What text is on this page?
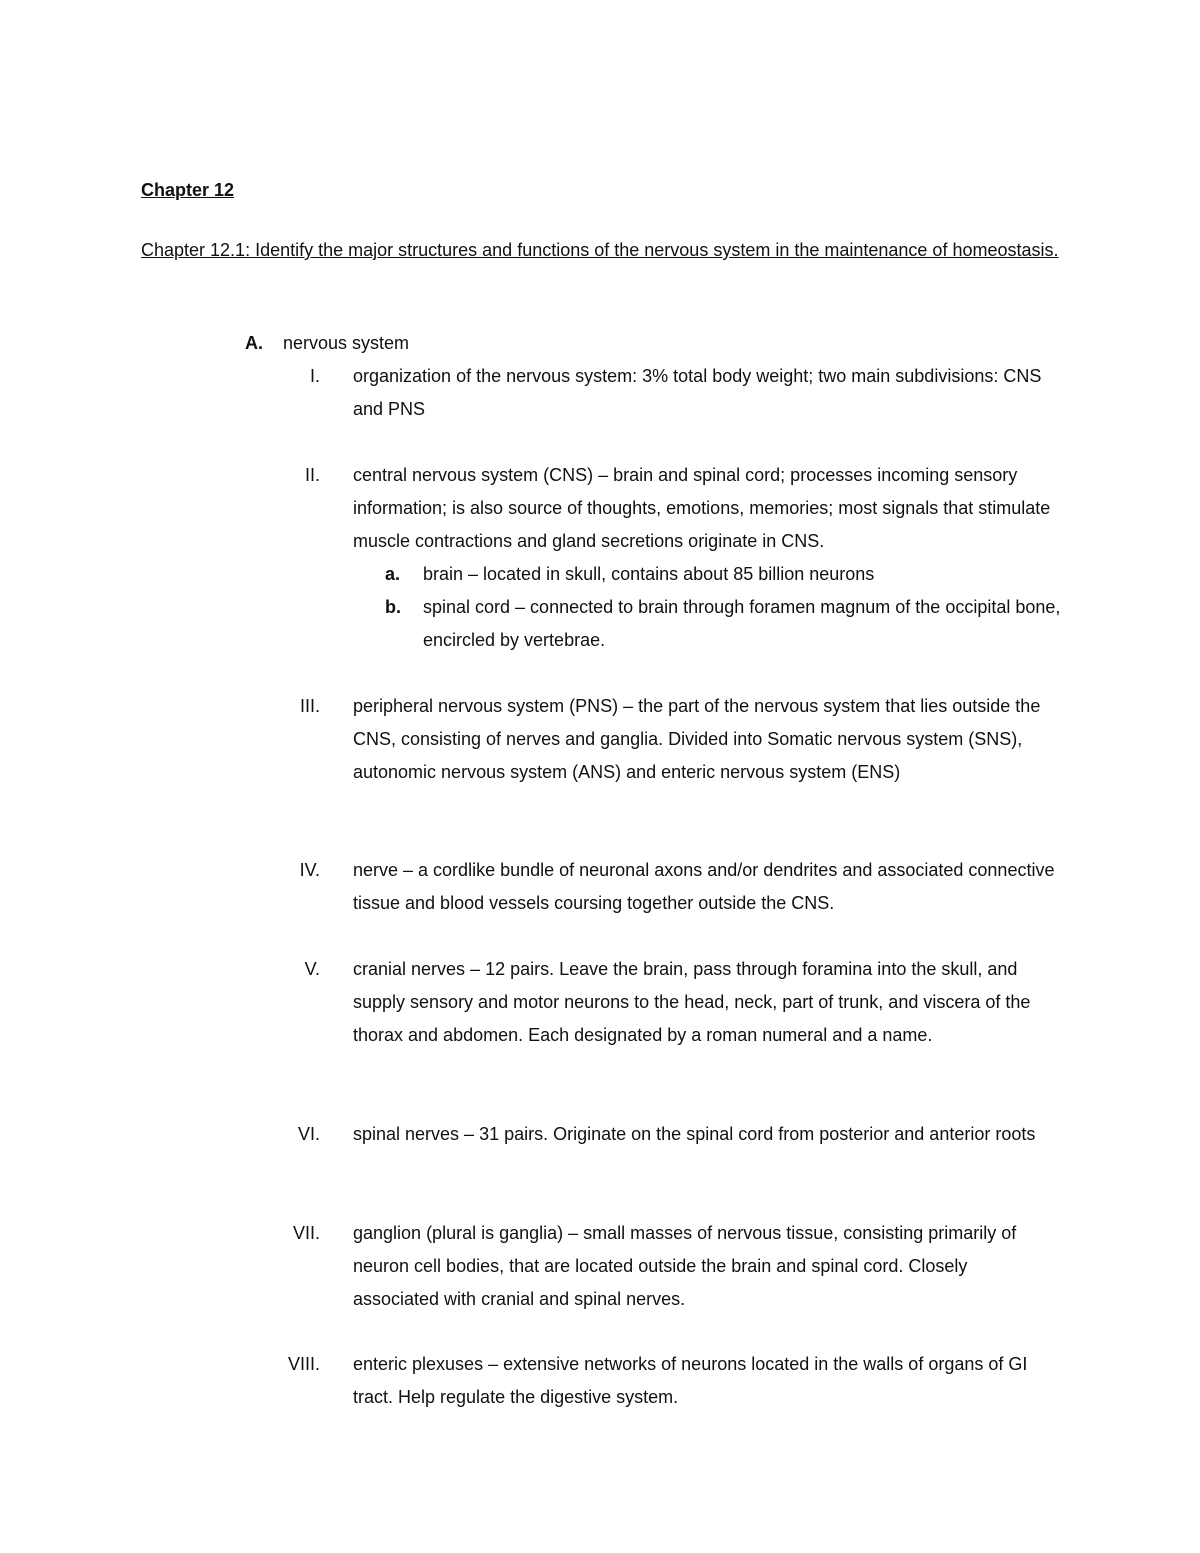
Chapter 12
Chapter 12.1: Identify the major structures and functions of the nervous system in the maintenance of homeostasis.
A. nervous system
I. organization of the nervous system: 3% total body weight; two main subdivisions: CNS and PNS
II. central nervous system (CNS) – brain and spinal cord; processes incoming sensory information; is also source of thoughts, emotions, memories; most signals that stimulate muscle contractions and gland secretions originate in CNS.
a.	brain – located in skull, contains about 85 billion neurons
b.	spinal cord – connected to brain through foramen magnum of the occipital bone, encircled by vertebrae.
III. peripheral nervous system (PNS) – the part of the nervous system that lies outside the CNS, consisting of nerves and ganglia. Divided into Somatic nervous system (SNS), autonomic nervous system (ANS) and enteric nervous system (ENS)
IV. nerve – a cordlike bundle of neuronal axons and/or dendrites and associated connective tissue and blood vessels coursing together outside the CNS.
V. cranial nerves – 12 pairs. Leave the brain, pass through foramina into the skull, and supply sensory and motor neurons to the head, neck, part of trunk, and viscera of the thorax and abdomen. Each designated by a roman numeral and a name.
VI. spinal nerves – 31 pairs. Originate on the spinal cord from posterior and anterior roots
VII. ganglion (plural is ganglia) – small masses of nervous tissue, consisting primarily of neuron cell bodies, that are located outside the brain and spinal cord. Closely associated with cranial and spinal nerves.
VIII. enteric plexuses – extensive networks of neurons located in the walls of organs of GI tract. Help regulate the digestive system.
